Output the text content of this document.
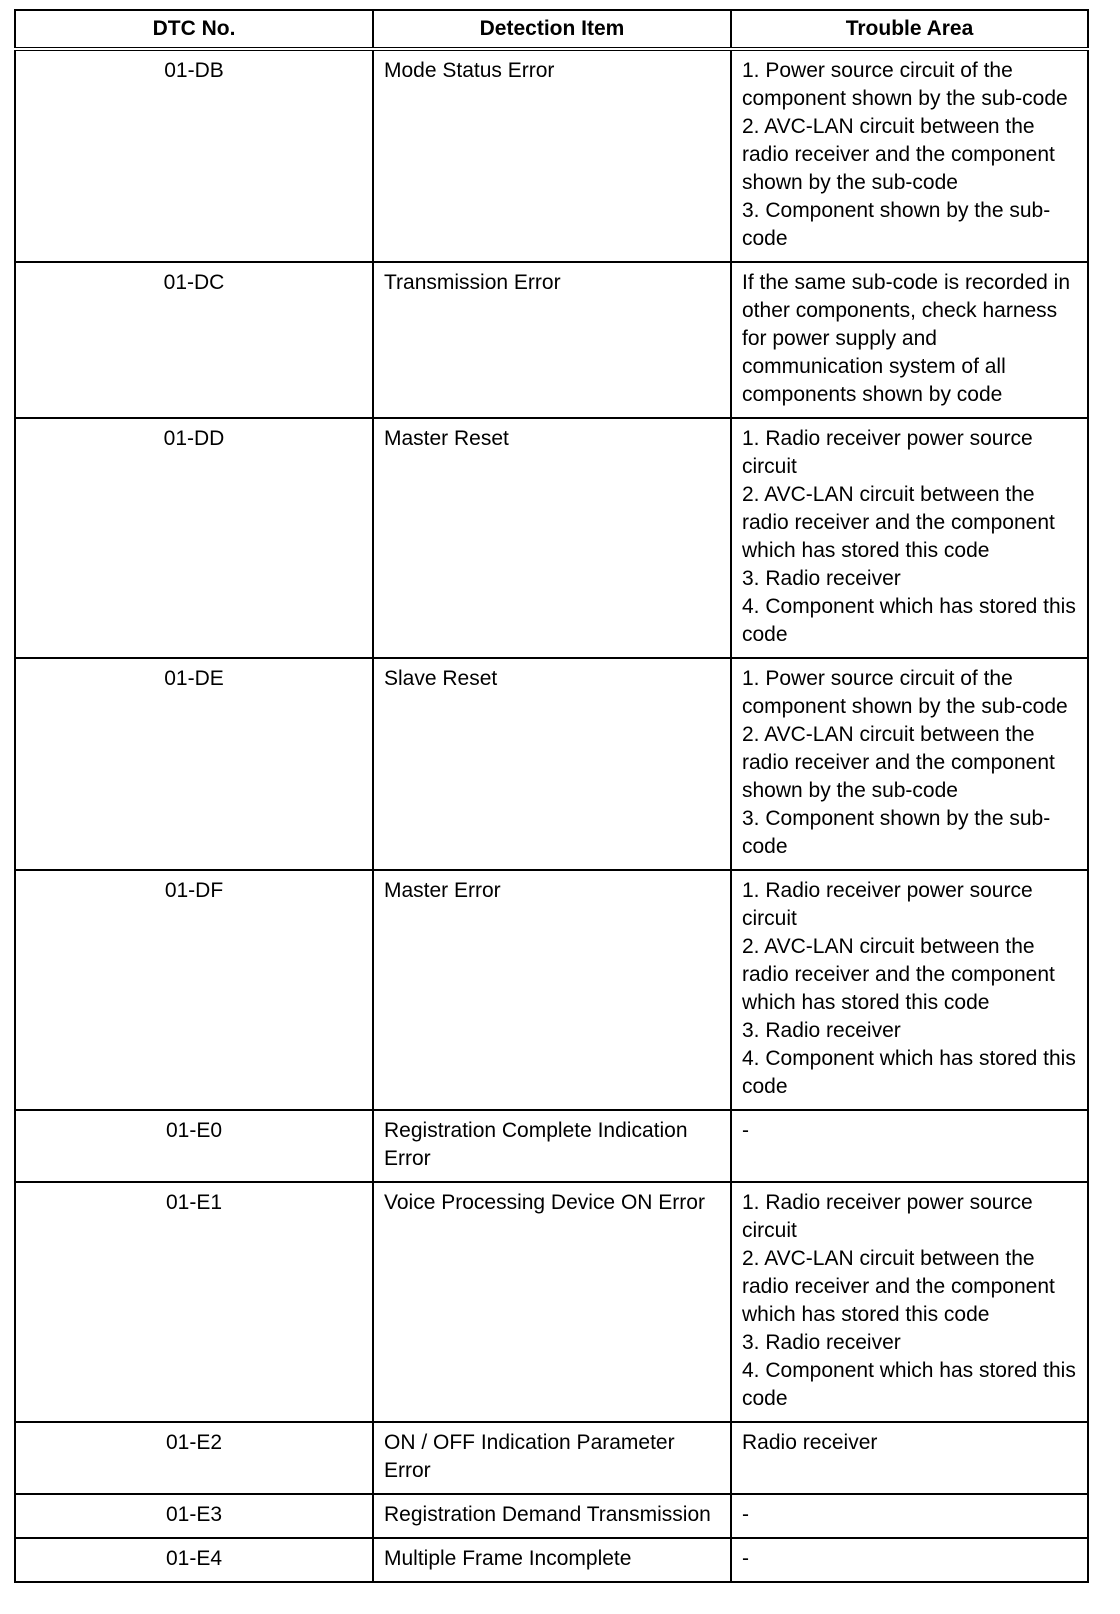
DTC No.	Detection Item	Trouble Area
01-DB	Mode Status Error	1. Power source circuit of the component shown by the sub-code
2. AVC-LAN circuit between the radio receiver and the component shown by the sub-code
3. Component shown by the sub-code

01-DC	Transmission Error	If the same sub-code is recorded in other components, check harness for power supply and communication system of all components shown by code

01-DD	Master Reset	1. Radio receiver power source circuit
2. AVC-LAN circuit between the radio receiver and the component which has stored this code
3. Radio receiver
4. Component which has stored this code

01-DE	Slave Reset	1. Power source circuit of the component shown by the sub-code
2. AVC-LAN circuit between the radio receiver and the component shown by the sub-code
3. Component shown by the sub-code

01-DF	Master Error	1. Radio receiver power source circuit
2. AVC-LAN circuit between the radio receiver and the component which has stored this code
3. Radio receiver
4. Component which has stored this code

01-E0	Registration Complete Indication Error	-

01-E1	Voice Processing Device ON Error	1. Radio receiver power source circuit
2. AVC-LAN circuit between the radio receiver and the component which has stored this code
3. Radio receiver
4. Component which has stored this code

01-E2	ON / OFF Indication Parameter Error	Radio receiver

01-E3	Registration Demand Transmission	-

01-E4	Multiple Frame Incomplete	-
